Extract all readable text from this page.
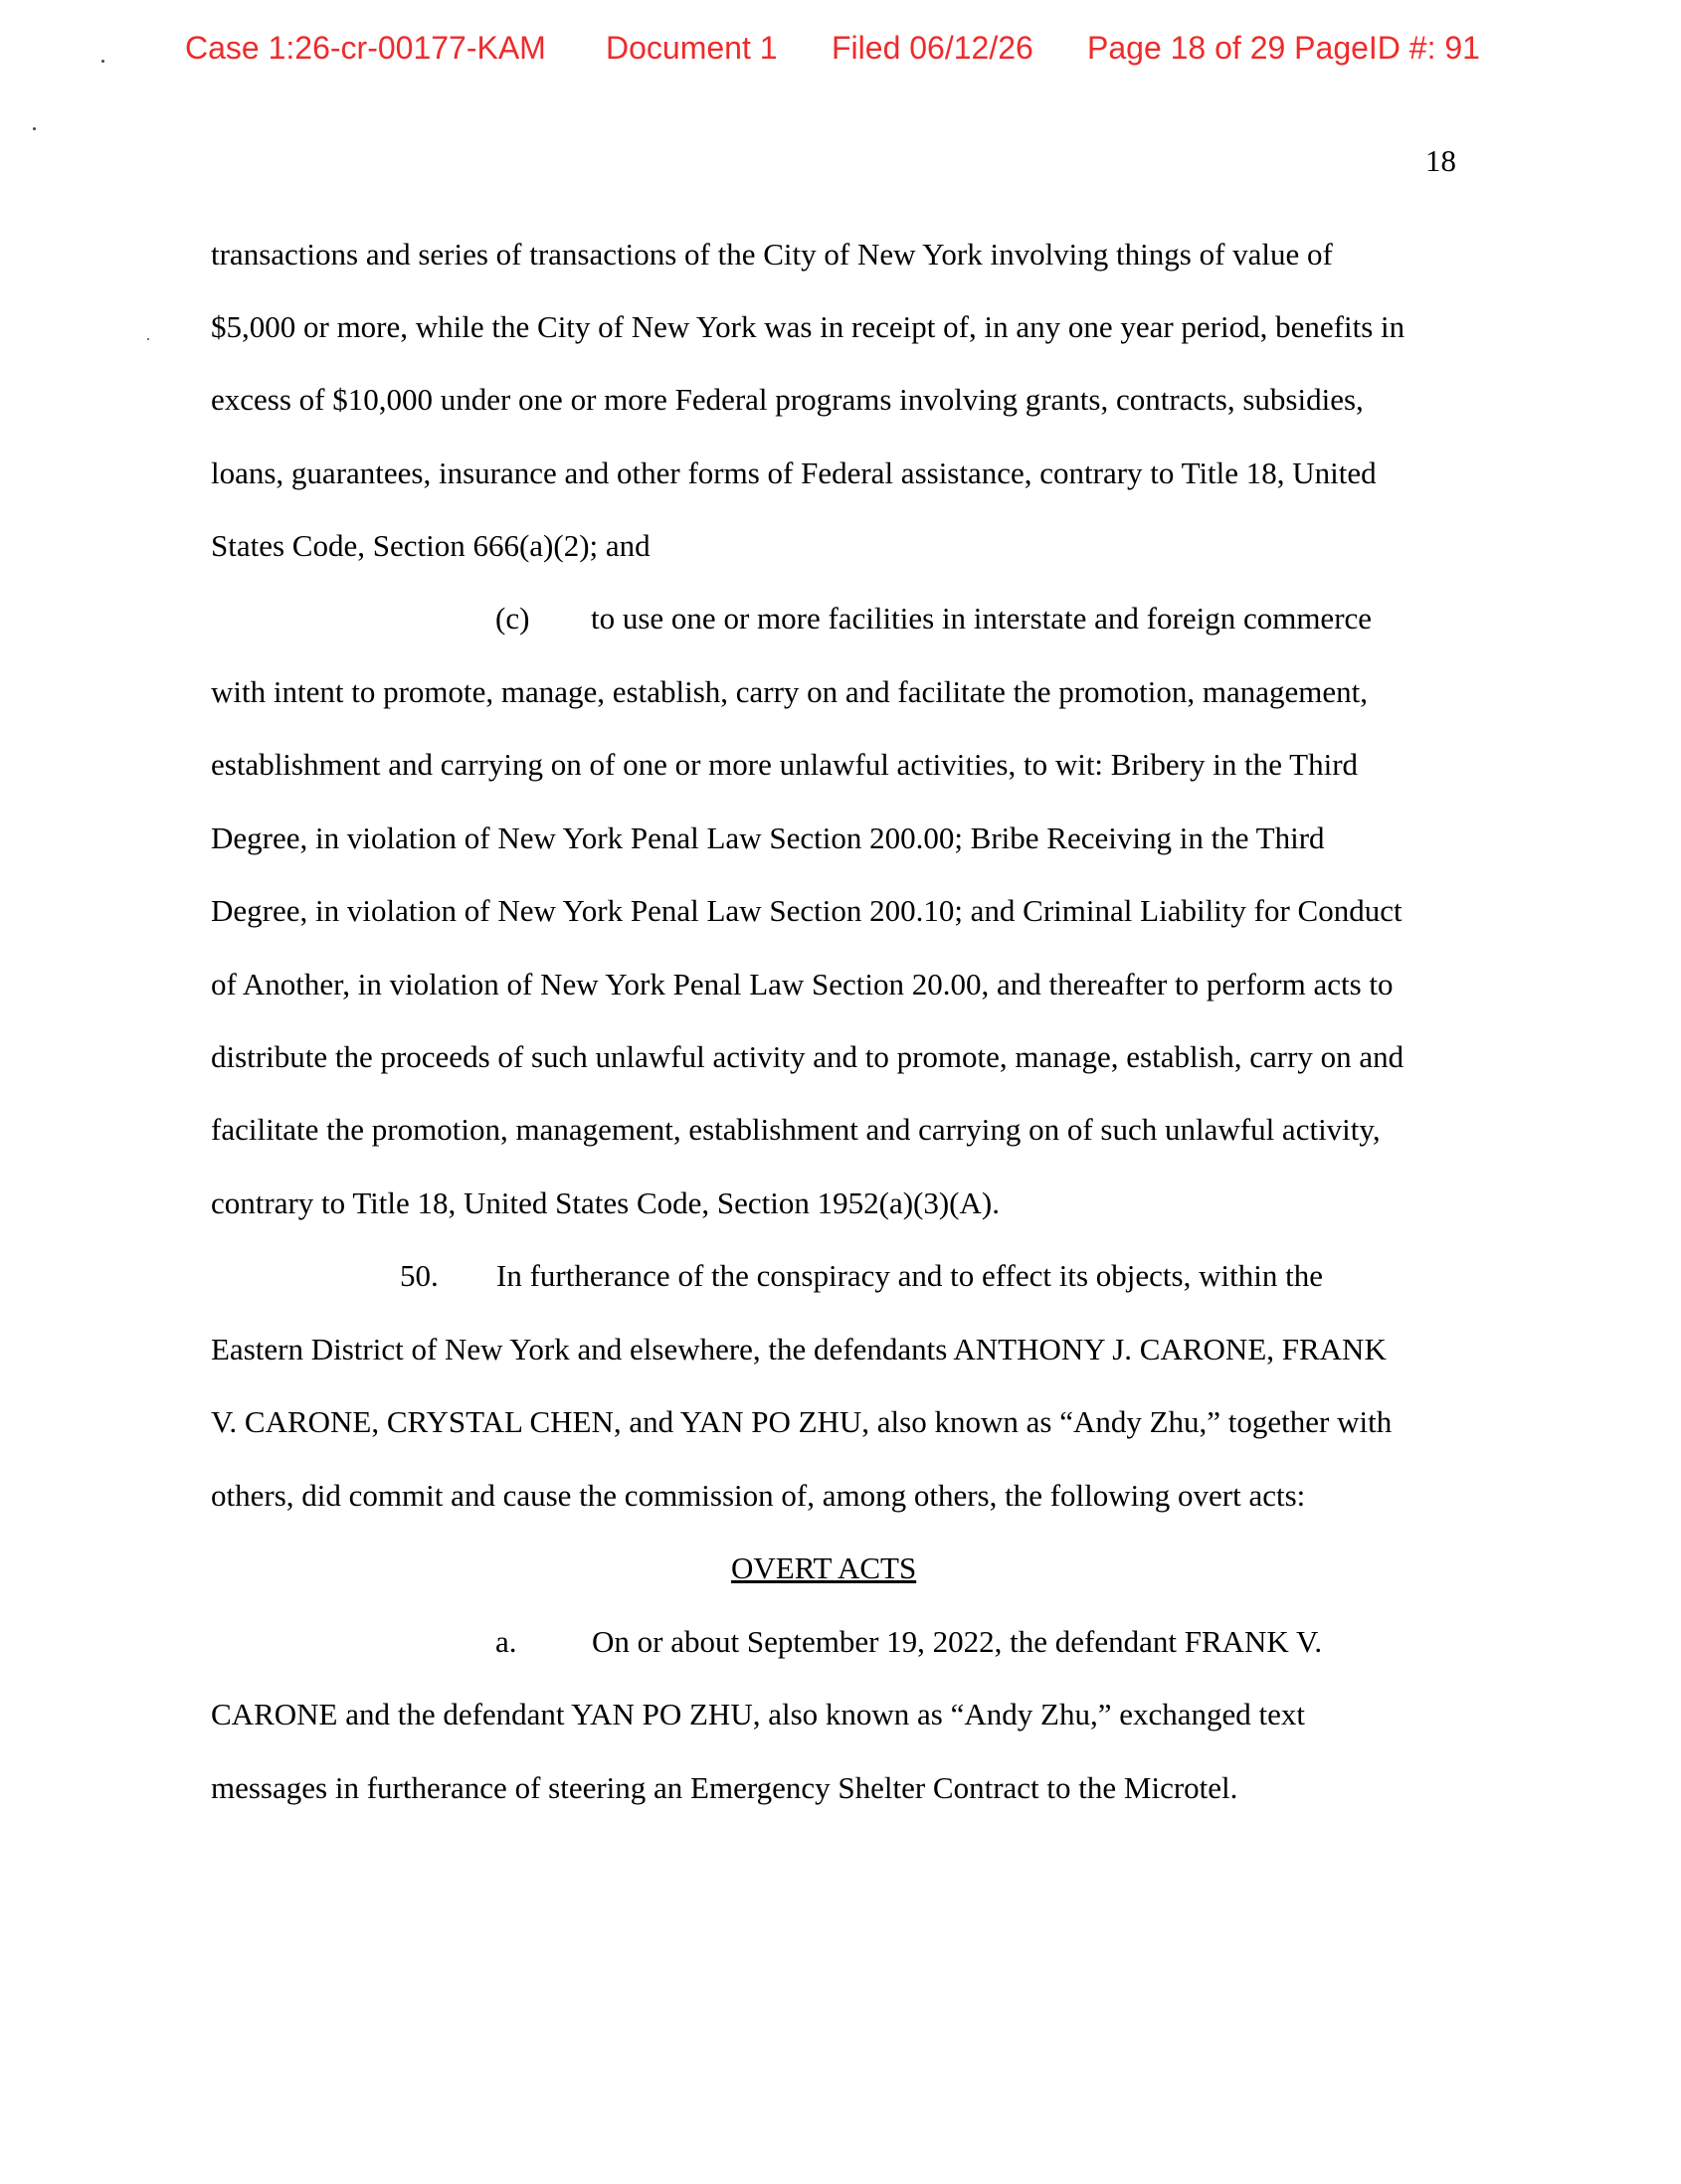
Case 1:26-cr-00177-KAM Document 1 Filed 06/12/26 Page 18 of 29 PageID #: 91
18
transactions and series of transactions of the City of New York involving things of value of
$5,000 or more, while the City of New York was in receipt of, in any one year period, benefits in
excess of $10,000 under one or more Federal programs involving grants, contracts, subsidies,
loans, guarantees, insurance and other forms of Federal assistance, contrary to Title 18, United
States Code, Section 666(a)(2); and
(c) to use one or more facilities in interstate and foreign commerce
with intent to promote, manage, establish, carry on and facilitate the promotion, management,
establishment and carrying on of one or more unlawful activities, to wit: Bribery in the Third
Degree, in violation of New York Penal Law Section 200.00; Bribe Receiving in the Third
Degree, in violation of New York Penal Law Section 200.10; and Criminal Liability for Conduct
of Another, in violation of New York Penal Law Section 20.00, and thereafter to perform acts to
distribute the proceeds of such unlawful activity and to promote, manage, establish, carry on and
facilitate the promotion, management, establishment and carrying on of such unlawful activity,
contrary to Title 18, United States Code, Section 1952(a)(3)(A).
50. In furtherance of the conspiracy and to effect its objects, within the
Eastern District of New York and elsewhere, the defendants ANTHONY J. CARONE, FRANK
V. CARONE, CRYSTAL CHEN, and YAN PO ZHU, also known as “Andy Zhu,” together with
others, did commit and cause the commission of, among others, the following overt acts:
OVERT ACTS
a. On or about September 19, 2022, the defendant FRANK V.
CARONE and the defendant YAN PO ZHU, also known as “Andy Zhu,” exchanged text
messages in furtherance of steering an Emergency Shelter Contract to the Microtel.
